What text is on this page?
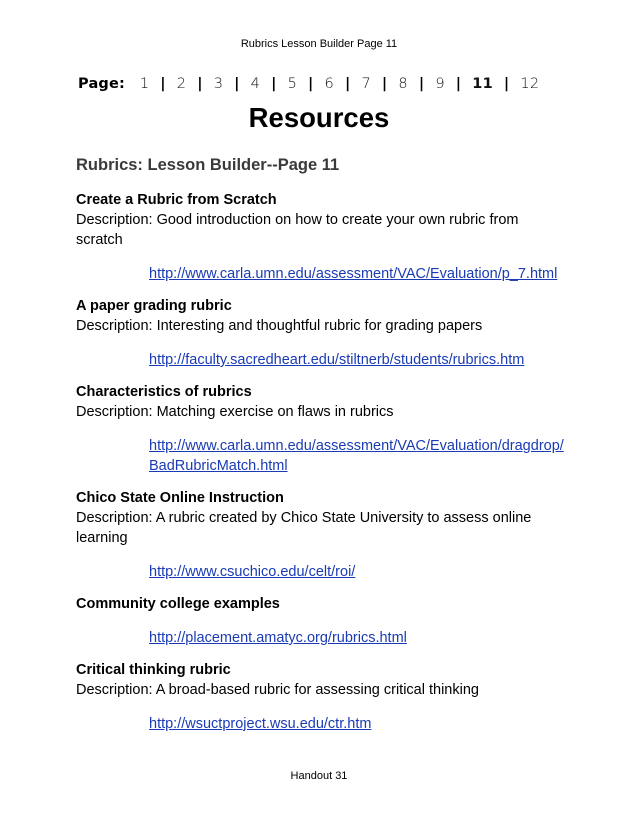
Rubrics Lesson Builder Page 11
Page: 1 | 2 | 3 | 4 | 5 | 6 | 7 | 8 | 9 | 11 | 12
Resources
Rubrics: Lesson Builder--Page 11

Create a Rubric from Scratch

Description: Good introduction on how to create your own rubric from scratch

http://www.carla.umn.edu/assessment/VAC/Evaluation/p_7.html

A paper grading rubric

Description: Interesting and thoughtful rubric for grading papers

http://faculty.sacredheart.edu/stiltnerb/students/rubrics.htm

Characteristics of rubrics

Description: Matching exercise on flaws in rubrics

http://www.carla.umn.edu/assessment/VAC/Evaluation/dragdrop/BadRubricMatch.html

Chico State Online Instruction

Description: A rubric created by Chico State University to assess online learning

http://www.csuchico.edu/celt/roi/

Community college examples

http://placement.amatyc.org/rubrics.html

Critical thinking rubric

Description: A broad-based rubric for assessing critical thinking

http://wsuctproject.wsu.edu/ctr.htm
Handout 31
